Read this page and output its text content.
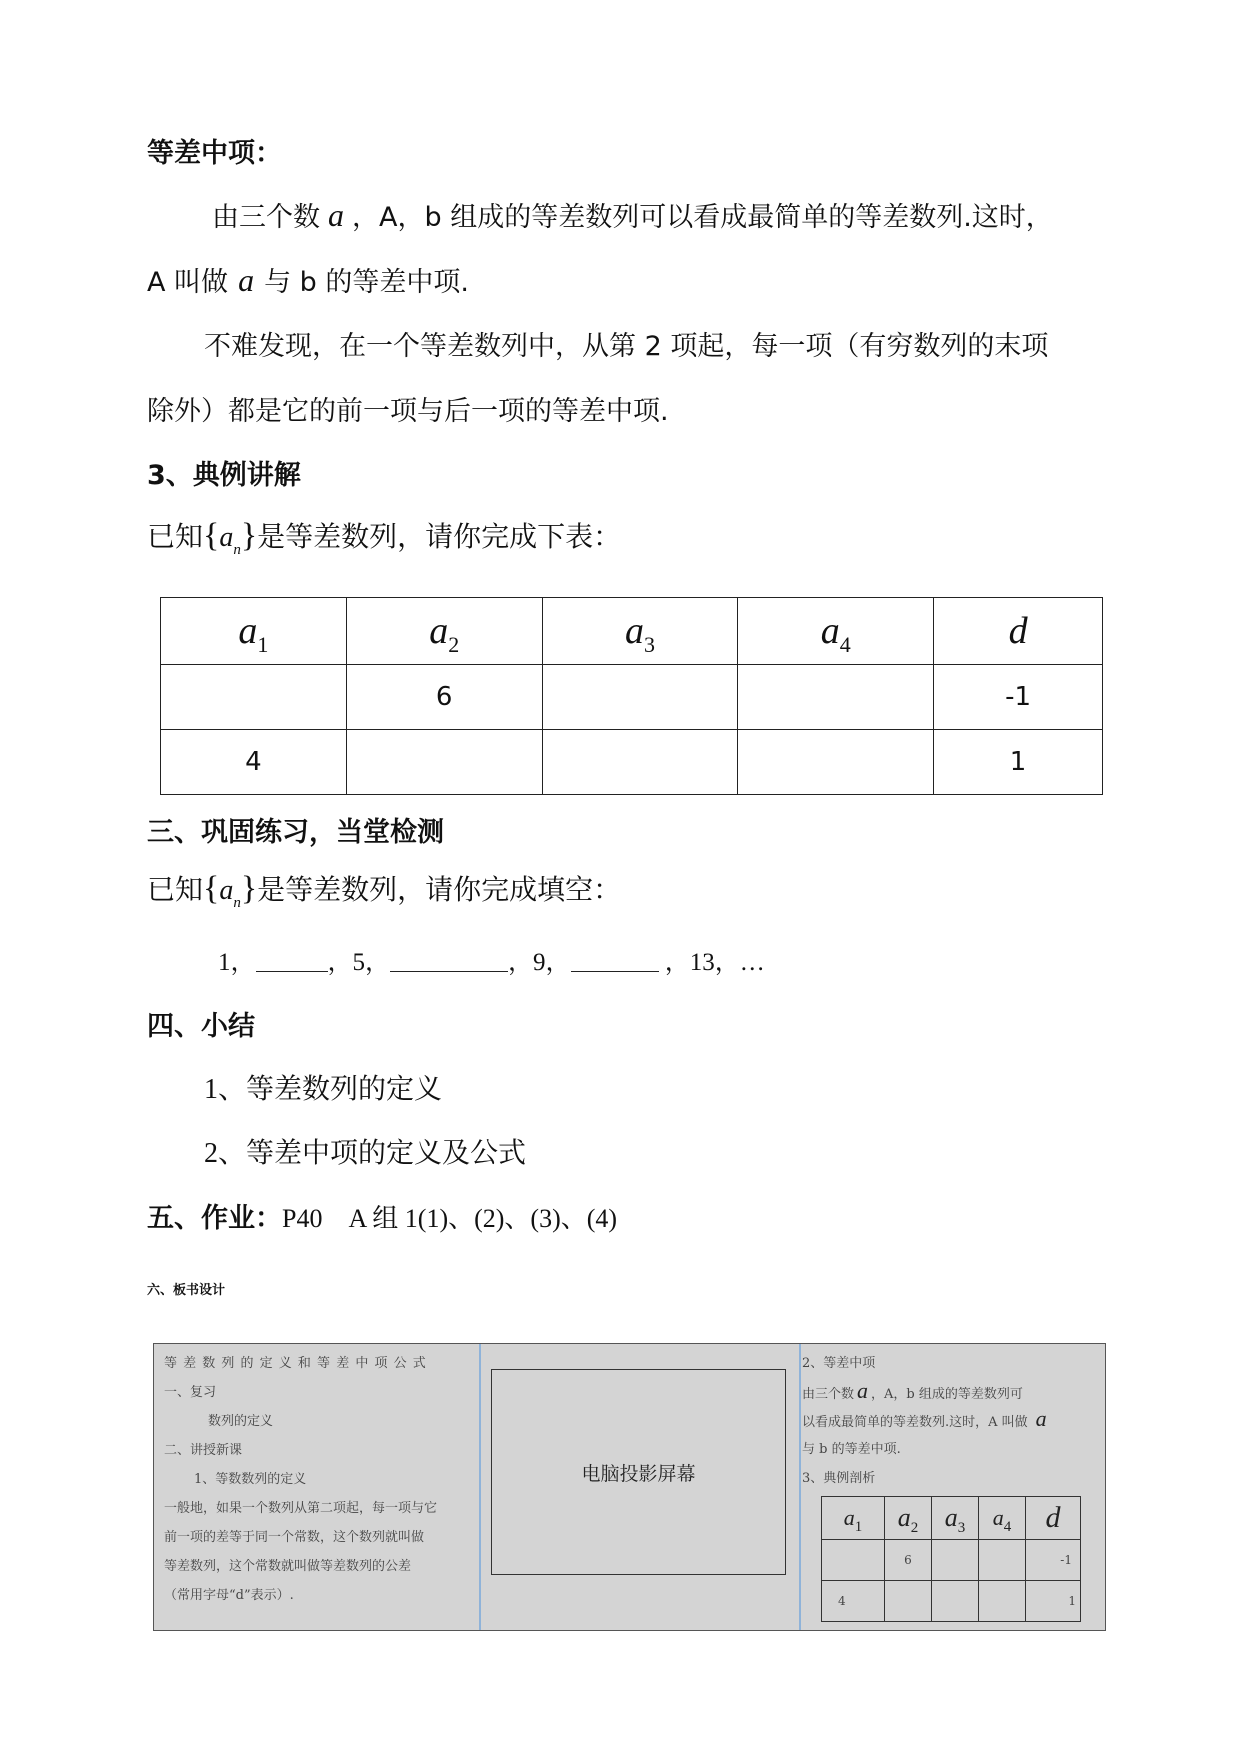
等差中项：
由三个数 a ，A，b 组成的等差数列可以看成最简单的等差数列.这时，
A 叫做 a 与 b 的等差中项.
不难发现，在一个等差数列中，从第 2 项起，每一项（有穷数列的末项
除外）都是它的前一项与后一项的等差中项.
3、典例讲解
已知$\{a_n\}$是等差数列，请你完成下表：
$a_1$	$a_2$	$a_3$	$a_4$	d
	6			-1
4				1
三、巩固练习，当堂检测
已知$\{a_n\}$是等差数列，请你完成填空：
1，	，5，	，9，	，13，…
四、小结
1、等差数列的定义
2、等差中项的定义及公式
五、作业：P40　A 组 1(1)、(2)、(3)、(4)
六、板书设计
等 差 数 列 的 定 义 和 等 差 中 项 公 式
一、复习
数列的定义
二、讲授新课
1、等数数列的定义
一般地，如果一个数列从第二项起，每一项与它
前一项的差等于同一个常数，这个数列就叫做
等差数列，这个常数就叫做等差数列的公差
（常用字母“d”表示）.
电脑投影屏幕
2、等差中项
由三个数 a ，A，b 组成的等差数列可
以看成最简单的等差数列.这时，A 叫做 a
与 b 的等差中项.
3、典例剖析
a1	a2	a3	a4	d
	6			-1
4				1
